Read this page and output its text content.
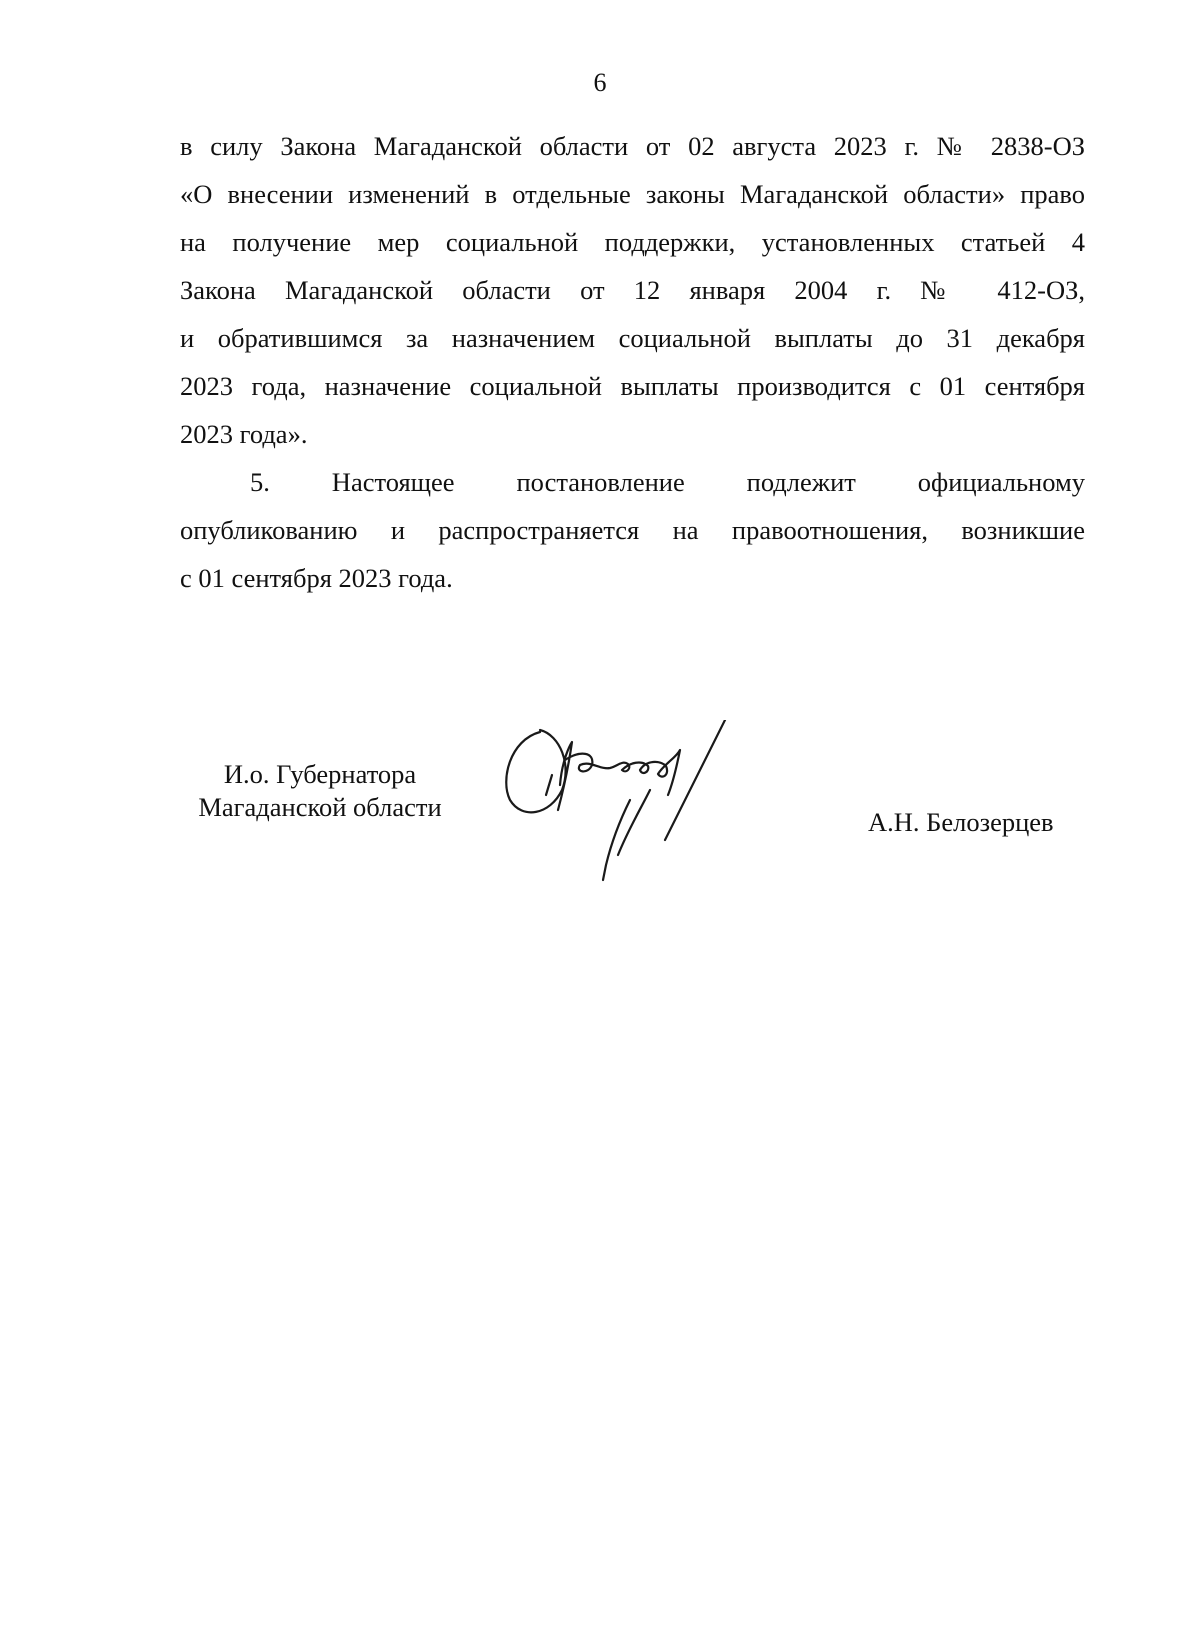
6
в силу Закона Магаданской области от 02 августа 2023 г. № 2838-ОЗ
«О внесении изменений в отдельные законы Магаданской области» право
на получение мер социальной поддержки, установленных статьей 4
Закона Магаданской области от 12 января 2004 г. № 412-ОЗ,
и обратившимся за назначением социальной выплаты до 31 декабря
2023 года, назначение социальной выплаты производится с 01 сентября
2023 года».
5. Настоящее постановление подлежит официальному
опубликованию и распространяется на правоотношения, возникшие
с 01 сентября 2023 года.
И.о. Губернатора
Магаданской области	А.Н. Белозерцев
